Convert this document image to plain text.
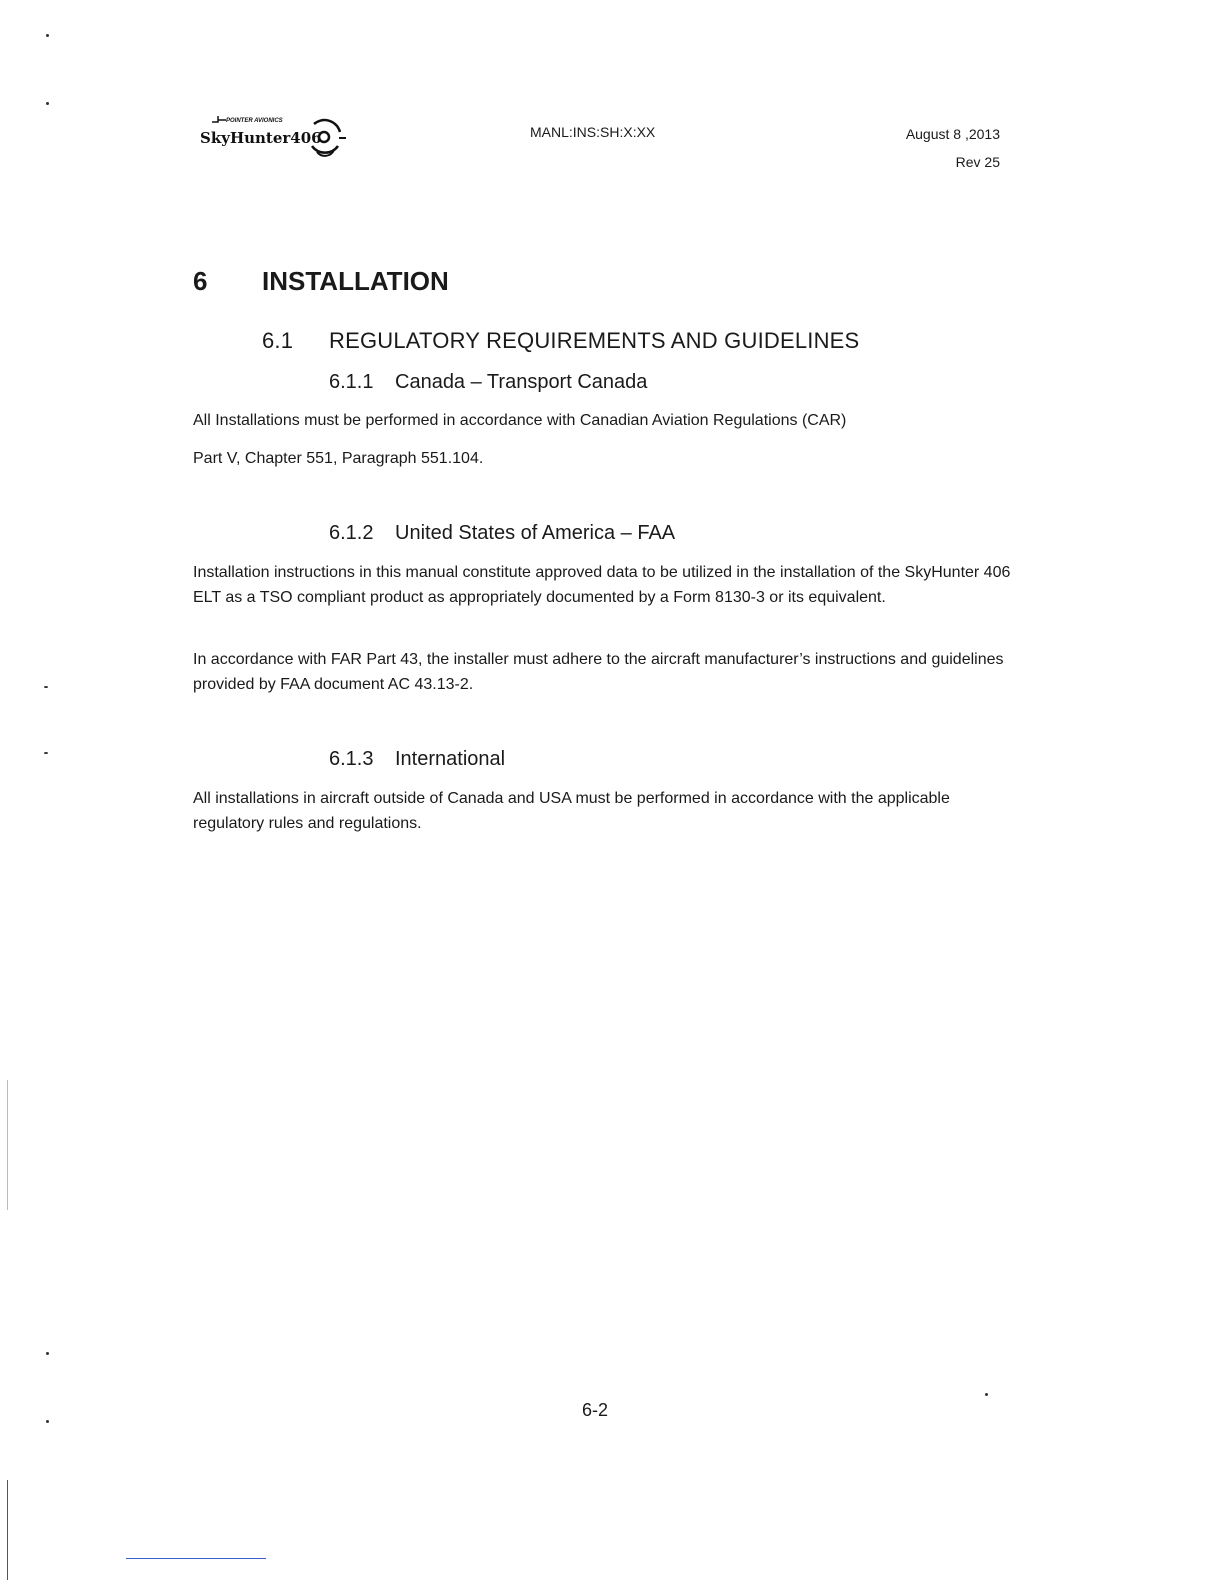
POINTER AVIONICS
SkyHunter406	MANL:INS:SH:X:XX	August 8 ,2013
Rev 25
6 INSTALLATION
6.1 REGULATORY REQUIREMENTS AND GUIDELINES
6.1.1 Canada – Transport Canada

All Installations must be performed in accordance with Canadian Aviation Regulations (CAR)

Part V, Chapter 551, Paragraph 551.104.

6.1.2 United States of America – FAA

Installation instructions in this manual constitute approved data to be utilized in the installation of the SkyHunter 406 ELT as a TSO compliant product as appropriately documented by a Form 8130-3 or its equivalent.

In accordance with FAR Part 43, the installer must adhere to the aircraft manufacturer’s instructions and guidelines provided by FAA document AC 43.13-2.

6.1.3 International

All installations in aircraft outside of Canada and USA must be performed in accordance with the applicable regulatory rules and regulations.

6-2
